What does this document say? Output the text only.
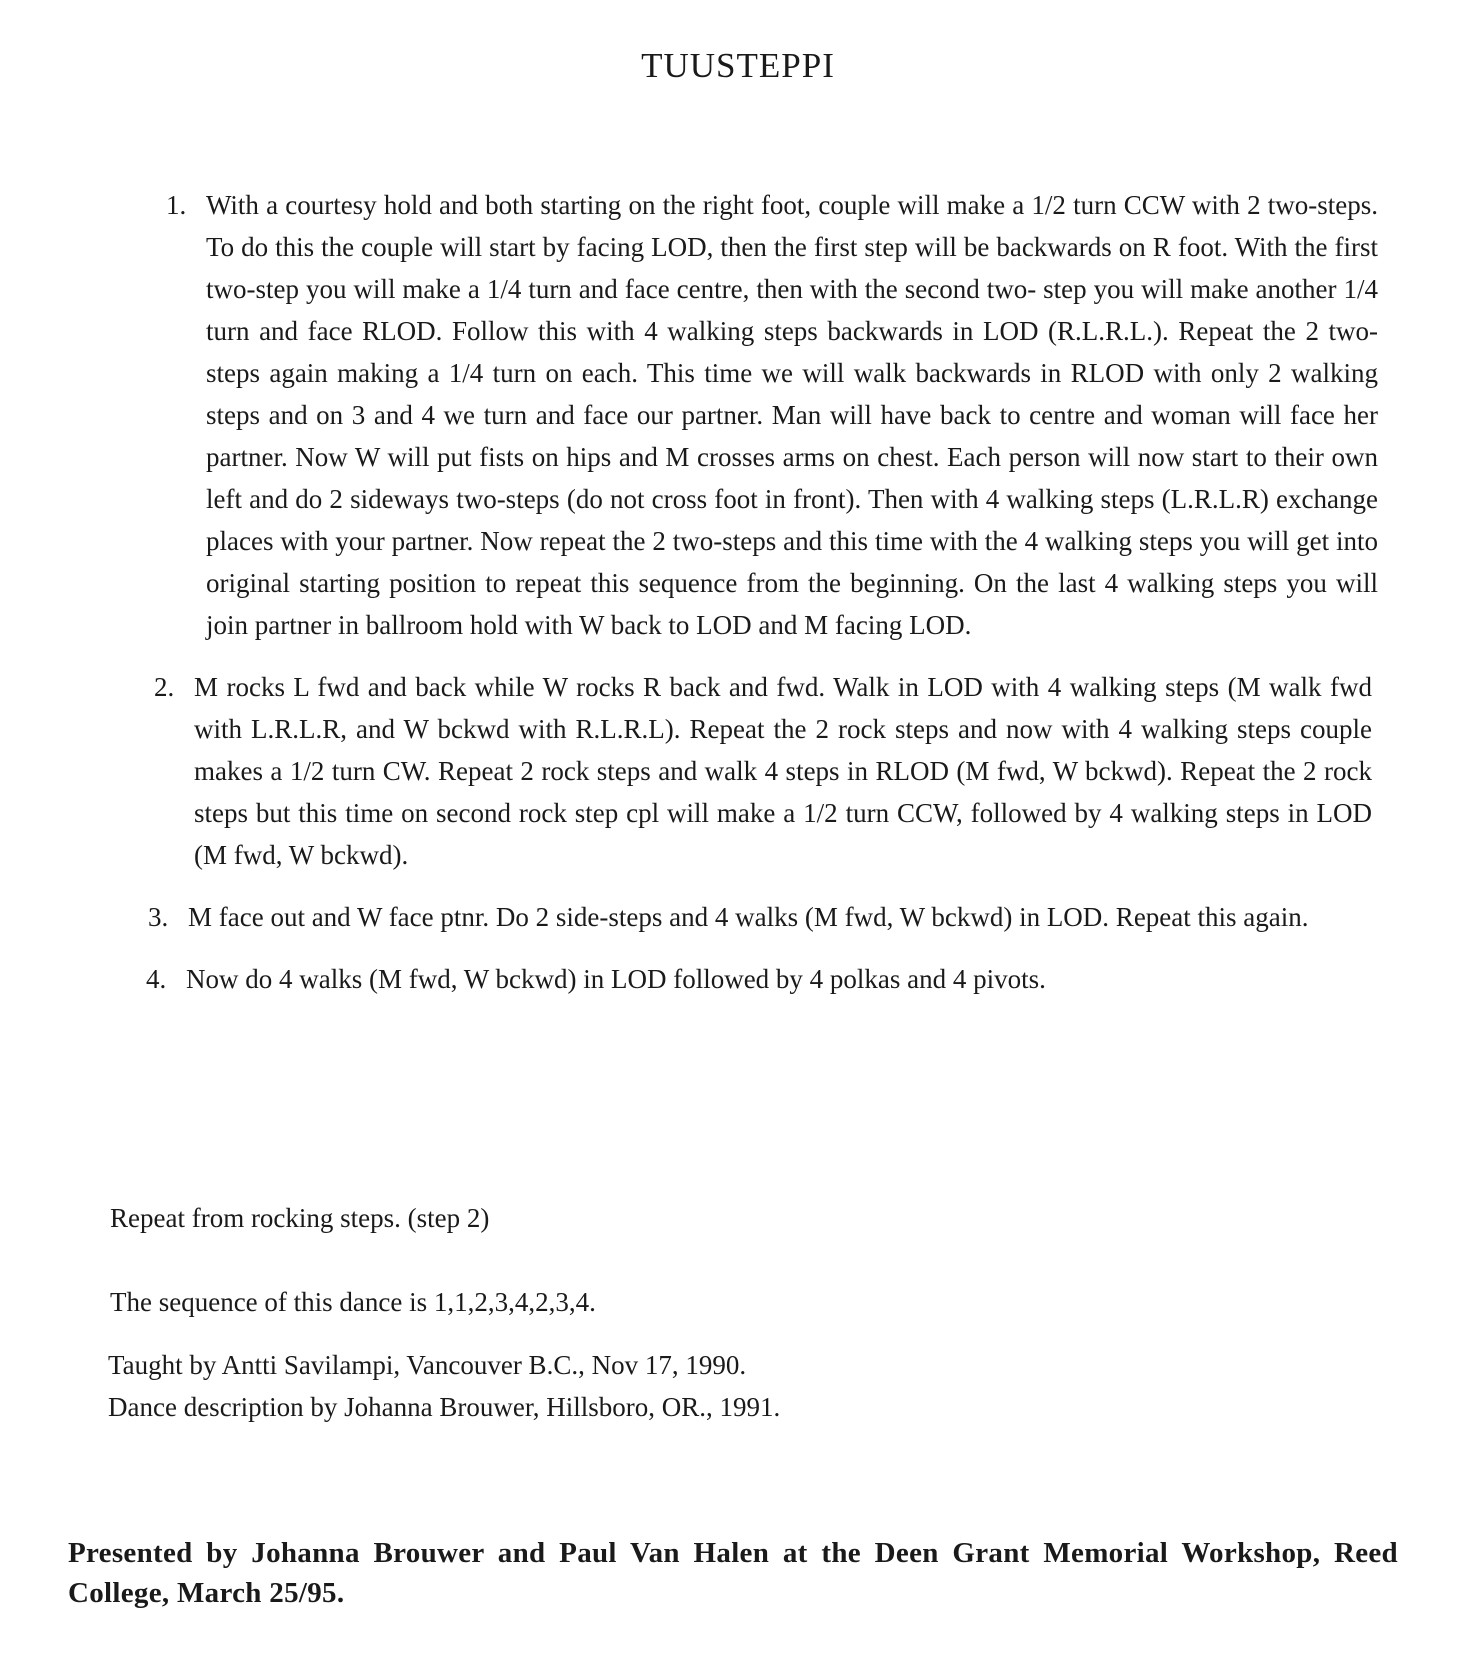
TUUSTEPPI
1. With a courtesy hold and both starting on the right foot, couple will make a 1/2 turn CCW with 2 two-steps. To do this the couple will start by facing LOD, then the first step will be backwards on R foot. With the first two-step you will make a 1/4 turn and face centre, then with the second two- step you will make another 1/4 turn and face RLOD. Follow this with 4 walking steps backwards in LOD (R.L.R.L.). Repeat the 2 two-steps again making a 1/4 turn on each. This time we will walk backwards in RLOD with only 2 walking steps and on 3 and 4 we turn and face our partner. Man will have back to centre and woman will face her partner. Now W will put fists on hips and M crosses arms on chest. Each person will now start to their own left and do 2 sideways two-steps (do not cross foot in front). Then with 4 walking steps (L.R.L.R) exchange places with your partner. Now repeat the 2 two-steps and this time with the 4 walking steps you will get into original starting position to repeat this sequence from the beginning. On the last 4 walking steps you will join partner in ballroom hold with W back to LOD and M facing LOD.
2. M rocks L fwd and back while W rocks R back and fwd. Walk in LOD with 4 walking steps (M walk fwd with L.R.L.R, and W bckwd with R.L.R.L). Repeat the 2 rock steps and now with 4 walking steps couple makes a 1/2 turn CW. Repeat 2 rock steps and walk 4 steps in RLOD (M fwd, W bckwd). Repeat the 2 rock steps but this time on second rock step cpl will make a 1/2 turn CCW, followed by 4 walking steps in LOD (M fwd, W bckwd).
3. M face out and W face ptnr. Do 2 side-steps and 4 walks (M fwd, W bckwd) in LOD. Repeat this again.
4. Now do 4 walks (M fwd, W bckwd) in LOD followed by 4 polkas and 4 pivots.

Repeat from rocking steps. (step 2)

The sequence of this dance is 1,1,2,3,4,2,3,4.

Taught by Antti Savilampi, Vancouver B.C., Nov 17, 1990.
Dance description by Johanna Brouwer, Hillsboro, OR., 1991.
Presented by Johanna Brouwer and Paul Van Halen at the Deen Grant Memorial Workshop, Reed College, March 25/95.
